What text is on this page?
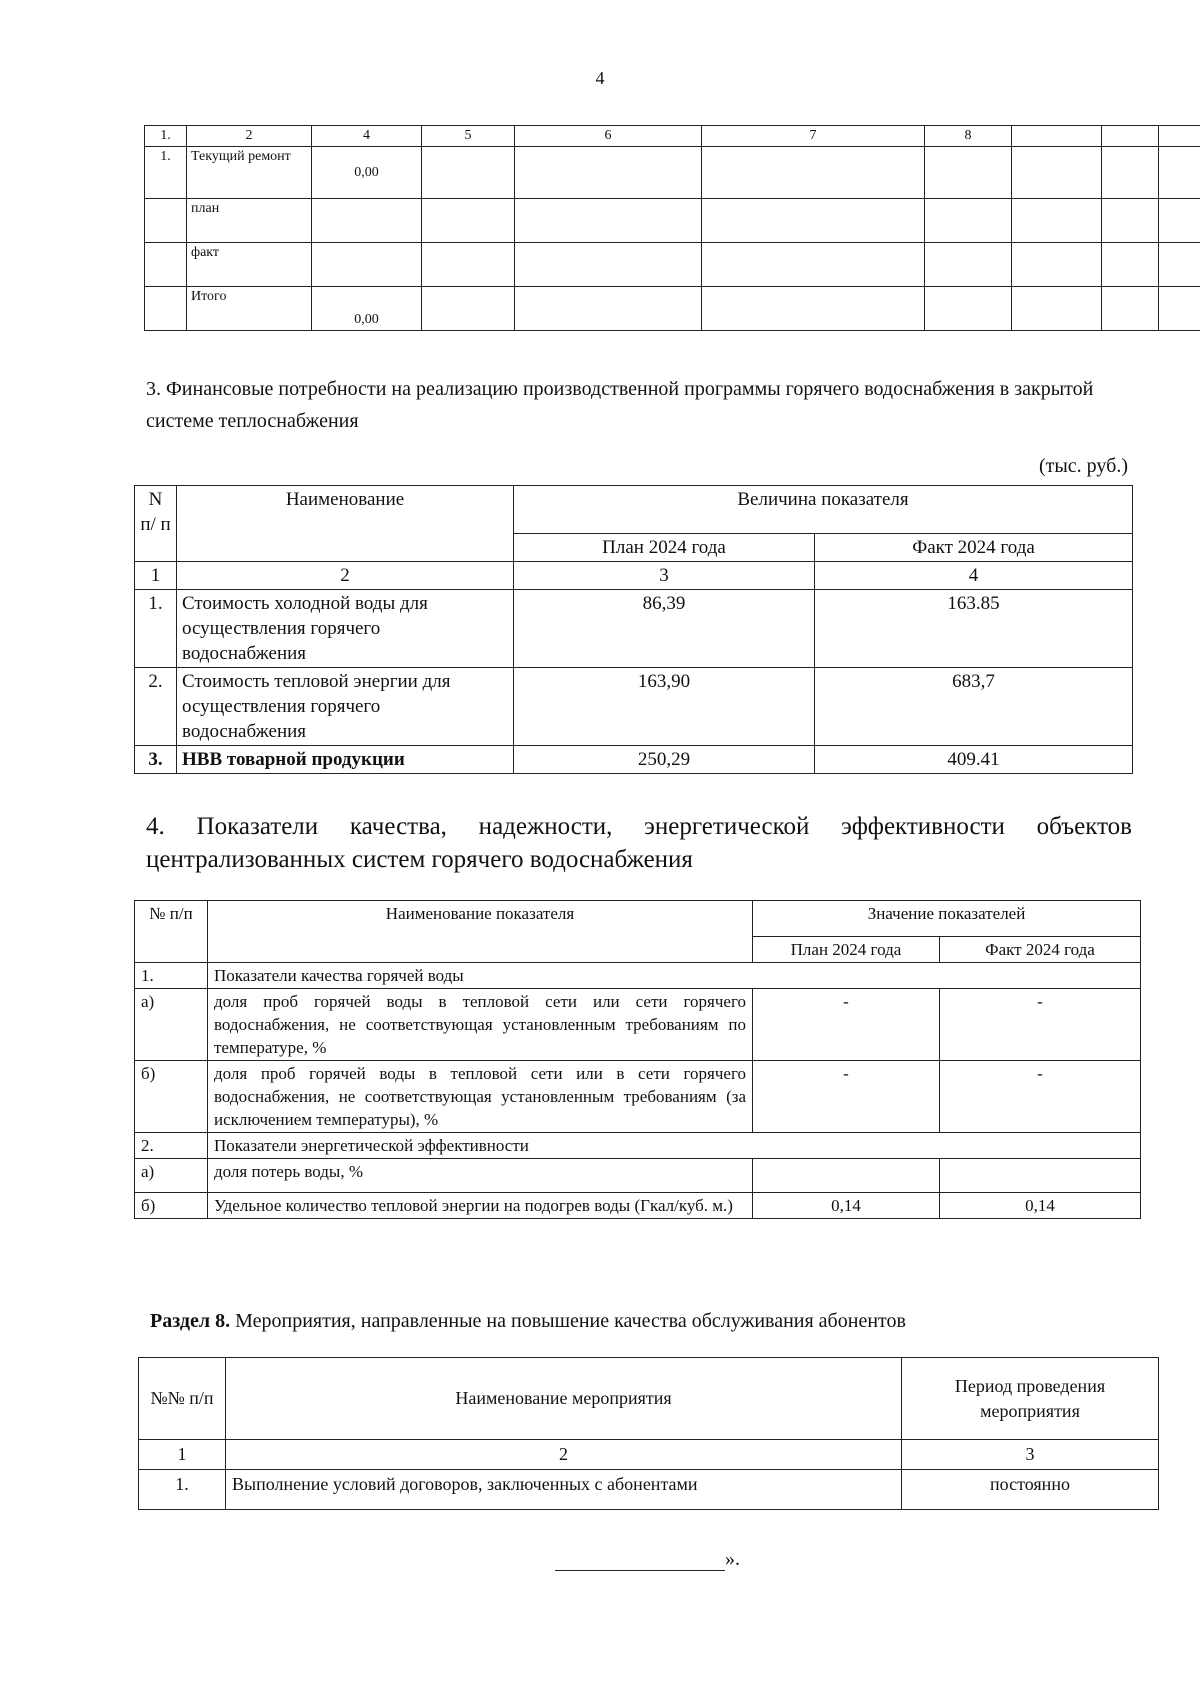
4
1.	2	4	5	6	7	8			
1.	Текущий ремонт	0,00							
	план								
	факт								
	Итого	0,00							
3. Финансовые потребности на реализацию производственной программы горячего водоснабжения в закрытой системе теплоснабжения
(тыс. руб.)
N п/ п	Наименование	Величина показателя	
		План 2024 года	Факт 2024 года
1	2	3	4
1.	Стоимость холодной воды для осуществления горячего водоснабжения	86,39	163.85
2.	Стоимость тепловой энергии для осуществления горячего водоснабжения	163,90	683,7
3.	НВВ товарной продукции	250,29	409.41
4. Показатели качества, надежности, энергетической эффективности объектов централизованных систем горячего водоснабжения
№ п/п	Наименование показателя	Значение показателей	
		План 2024 года	Факт 2024 года
1.	Показатели качества горячей воды		
а)	доля проб горячей воды в тепловой сети или сети горячего водоснабжения, не соответствующая установленным требованиям по температуре, %	-	-
б)	доля проб горячей воды в тепловой сети или в сети горячего водоснабжения, не соответствующая установленным требованиям (за исключением температуры), %	-	-
2.	Показатели энергетической эффективности		
а)	доля потерь воды, %		
б)	Удельное количество тепловой энергии на подогрев воды (Гкал/куб. м.)	0,14	0,14
Раздел 8. Мероприятия, направленные на повышение качества обслуживания абонентов
№№ п/п	Наименование мероприятия	Период проведения мероприятия
1	2	3
1.	Выполнение условий договоров, заключенных с абонентами	постоянно
».
